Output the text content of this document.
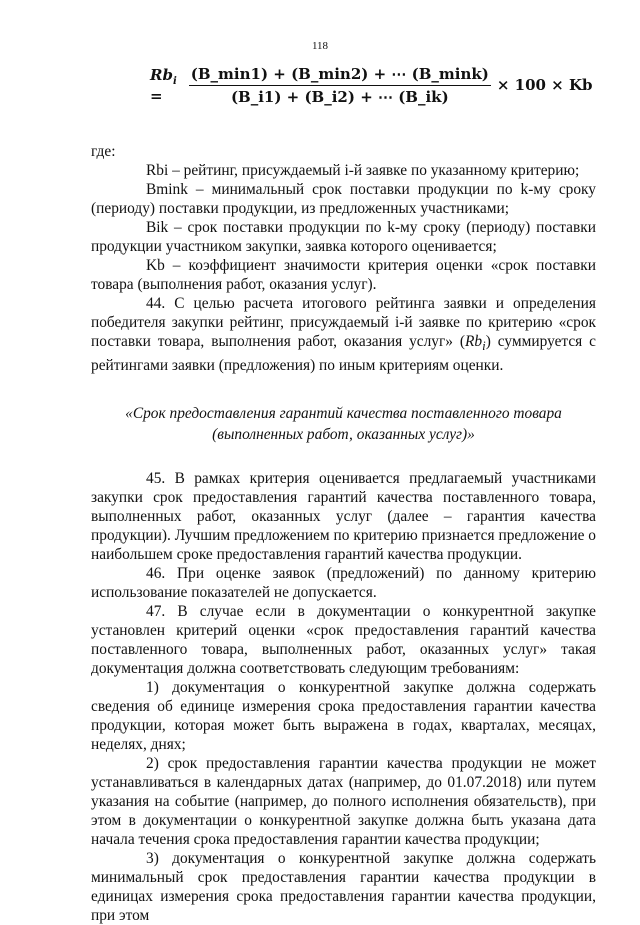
118
$Rb_i$ =	$\frac{(B\_\min 1) + (B\_\min 2) + \cdots (B\_\min k)}{(B\_i1) + (B\_i2) + \cdots (B\_ik)} \times 100 \times Kb$

где:

Rbi – рейтинг, присуждаемый i-й заявке по указанному критерию;

Bmink – минимальный срок поставки продукции по k-му сроку (периоду) поставки продукции, из предложенных участниками;

Bik – срок поставки продукции по k-му сроку (периоду) поставки продукции участником закупки, заявка которого оценивается;

Kb – коэффициент значимости критерия оценки «срок поставки товара (выполнения работ, оказания услуг).

44. С целью расчета итогового рейтинга заявки и определения победителя закупки рейтинг, присуждаемый i-й заявке по критерию «срок поставки товара, выполнения работ, оказания услуг» $(Rb_i)$ суммируется с рейтингами заявки (предложения) по иным критериям оценки.

«Срок предоставления гарантий качества поставленного товара
(выполненных работ, оказанных услуг)»

45. В рамках критерия оценивается предлагаемый участниками закупки срок предоставления гарантий качества поставленного товара, выполненных работ, оказанных услуг (далее – гарантия качества продукции). Лучшим предложением по критерию признается предложение о наибольшем сроке предоставления гарантий качества продукции.

46. При оценке заявок (предложений) по данному критерию использование показателей не допускается.

47. В случае если в документации о конкурентной закупке установлен критерий оценки «срок предоставления гарантий качества поставленного товара, выполненных работ, оказанных услуг» такая документация должна соответствовать следующим требованиям:

1) документация о конкурентной закупке должна содержать сведения об единице измерения срока предоставления гарантии качества продукции, которая может быть выражена в годах, кварталах, месяцах, неделях, днях;

2) срок предоставления гарантии качества продукции не может устанавливаться в календарных датах (например, до 01.07.2018) или путем указания на событие (например, до полного исполнения обязательств), при этом в документации о конкурентной закупке должна быть указана дата начала течения срока предоставления гарантии качества продукции;

3) документация о конкурентной закупке должна содержать минимальный срок предоставления гарантии качества продукции в единицах измерения срока предоставления гарантии качества продукции, при этом
